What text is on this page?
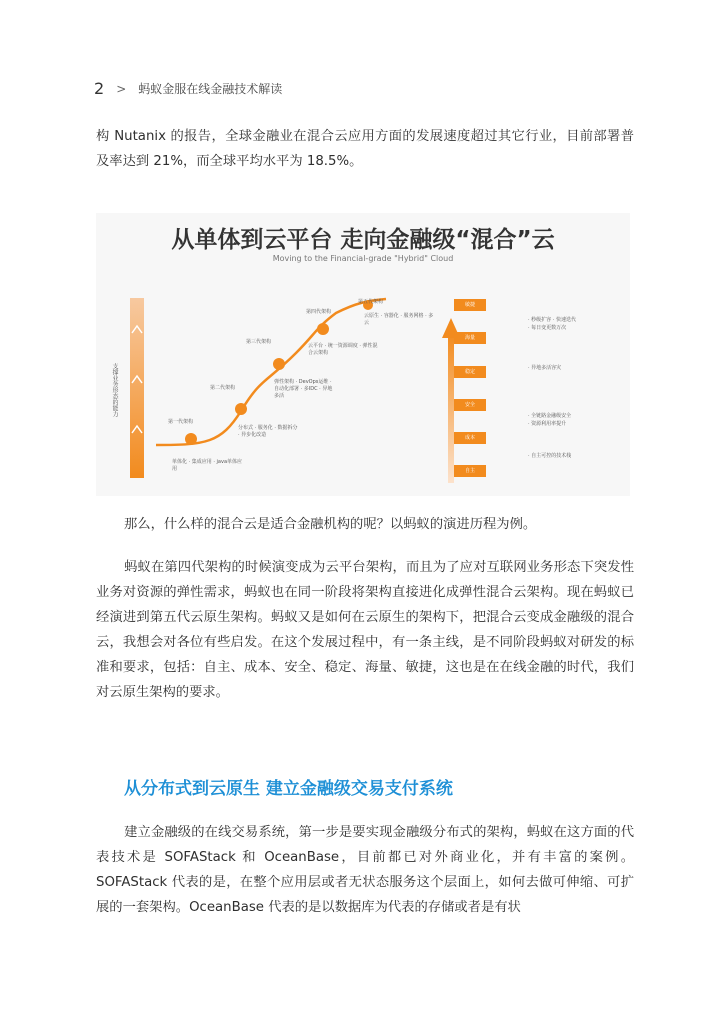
2 > 蚂蚁金服在线金融技术解读
构 Nutanix 的报告，全球金融业在混合云应用方面的发展速度超过其它行业，目前部署普及率达到 21%，而全球平均水平为 18.5%。
从单体到云平台 走向金融级“混合”云
Moving to the Financial-grade "Hybrid" Cloud
支撑业务形态的能力
第一代架构
第二代架构
第三代架构
第四代架构
第五代架构
单体化 · 集成应用 · java单体应用
分布式 · 服务化 · 数据拆分 · 异步化改造
弹性架构 · DevOps运维 · 自动化部署 · 多IDC · 异地多活
云平台 · 统一资源调度 · 弹性混合云架构
云原生 · 容器化 · 服务网格 · 多云
敏捷
海量
稳定
安全
成本
自主
· 秒级扩容 · 快速迭代
· 每日变更数万次
· 异地多活容灾
· 全链路金融级安全
· 资源利用率提升
· 自主可控的技术栈
那么，什么样的混合云是适合金融机构的呢？以蚂蚁的演进历程为例。
蚂蚁在第四代架构的时候演变成为云平台架构，而且为了应对互联网业务形态下突发性业务对资源的弹性需求，蚂蚁也在同一阶段将架构直接进化成弹性混合云架构。现在蚂蚁已经演进到第五代云原生架构。蚂蚁又是如何在云原生的架构下，把混合云变成金融级的混合云，我想会对各位有些启发。在这个发展过程中，有一条主线，是不同阶段蚂蚁对研发的标准和要求，包括：自主、成本、安全、稳定、海量、敏捷，这也是在在线金融的时代，我们对云原生架构的要求。
从分布式到云原生 建立金融级交易支付系统
建立金融级的在线交易系统，第一步是要实现金融级分布式的架构，蚂蚁在这方面的代表技术是 SOFAStack 和 OceanBase，目前都已对外商业化，并有丰富的案例。SOFAStack 代表的是，在整个应用层或者无状态服务这个层面上，如何去做可伸缩、可扩展的一套架构。OceanBase 代表的是以数据库为代表的存储或者是有状
